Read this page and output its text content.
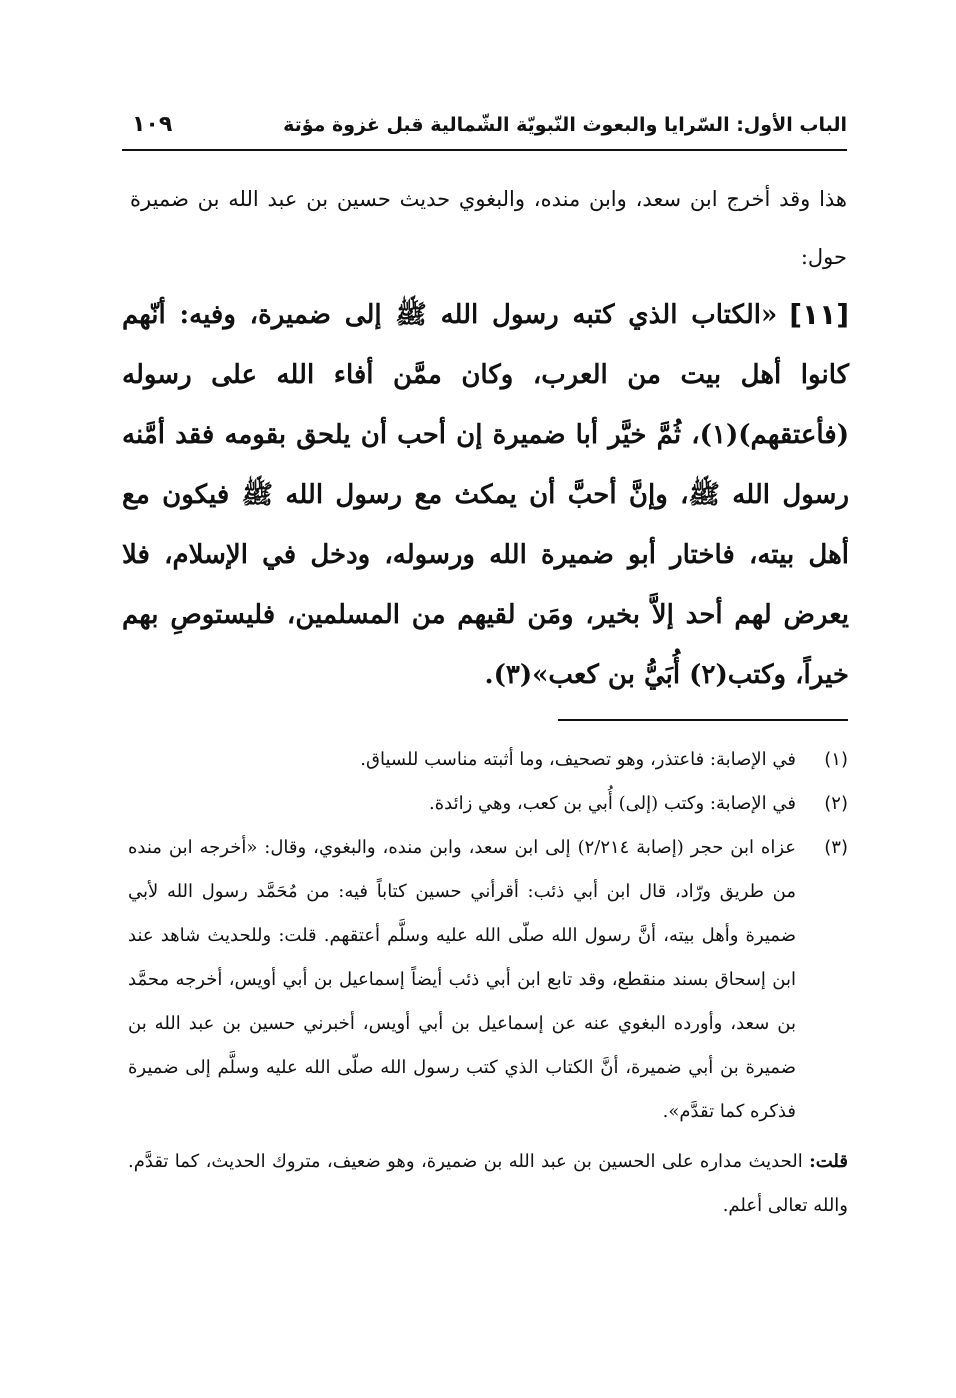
الباب الأول: السّرايا والبعوث النّبويّة الشّمالية قبل غزوة مؤتة
١٠٩
هذا وقد أخرج ابن سعد، وابن منده، والبغوي حديث حسين بن عبد الله بن ضميرة حول:
[١١]
«الكتاب الذي كتبه رسول الله ﷺ إلى ضميرة، وفيه: أنّهم كانوا أهل بيت من العرب، وكان ممَّن أفاء الله على رسوله (فأعتقهم)(١)، ثُمَّ خيَّر أبا ضميرة إن أحب أن يلحق بقومه فقد أمَّنه رسول الله ﷺ، وإنَّ أحبَّ أن يمكث مع رسول الله ﷺ فيكون مع أهل بيته، فاختار أبو ضميرة الله ورسوله، ودخل في الإسلام، فلا يعرض لهم أحد إلاَّ بخير، ومَن لقيهم من المسلمين، فليستوصِ بهم خيراً، وكتب(٢) أُبَيُّ بن كعب»(٣).
(١)
في الإصابة: فاعتذر، وهو تصحيف، وما أثبته مناسب للسياق.
(٢)
في الإصابة: وكتب (إلى) أُبي بن كعب، وهي زائدة.
(٣)
عزاه ابن حجر (إصابة ٢/٢١٤) إلى ابن سعد، وابن منده، والبغوي، وقال: «أخرجه ابن منده من طريق ورّاد، قال ابن أبي ذئب: أقرأني حسين كتاباً فيه: من مُحَمَّد رسول الله لأبي ضميرة وأهل بيته، أنَّ رسول الله صلّى الله عليه وسلَّم أعتقهم. قلت: وللحديث شاهد عند ابن إسحاق بسند منقطع، وقد تابع ابن أبي ذئب أيضاً إسماعيل بن أبي أويس، أخرجه محمَّد بن سعد، وأورده البغوي عنه عن إسماعيل بن أبي أويس، أخبرني حسين بن عبد الله بن ضميرة بن أبي ضميرة، أنَّ الكتاب الذي كتب رسول الله صلّى الله عليه وسلَّم إلى ضميرة فذكره كما تقدَّم».
قلت: الحديث مداره على الحسين بن عبد الله بن ضميرة، وهو ضعيف، متروك الحديث، كما تقدَّم. والله تعالى أعلم.
